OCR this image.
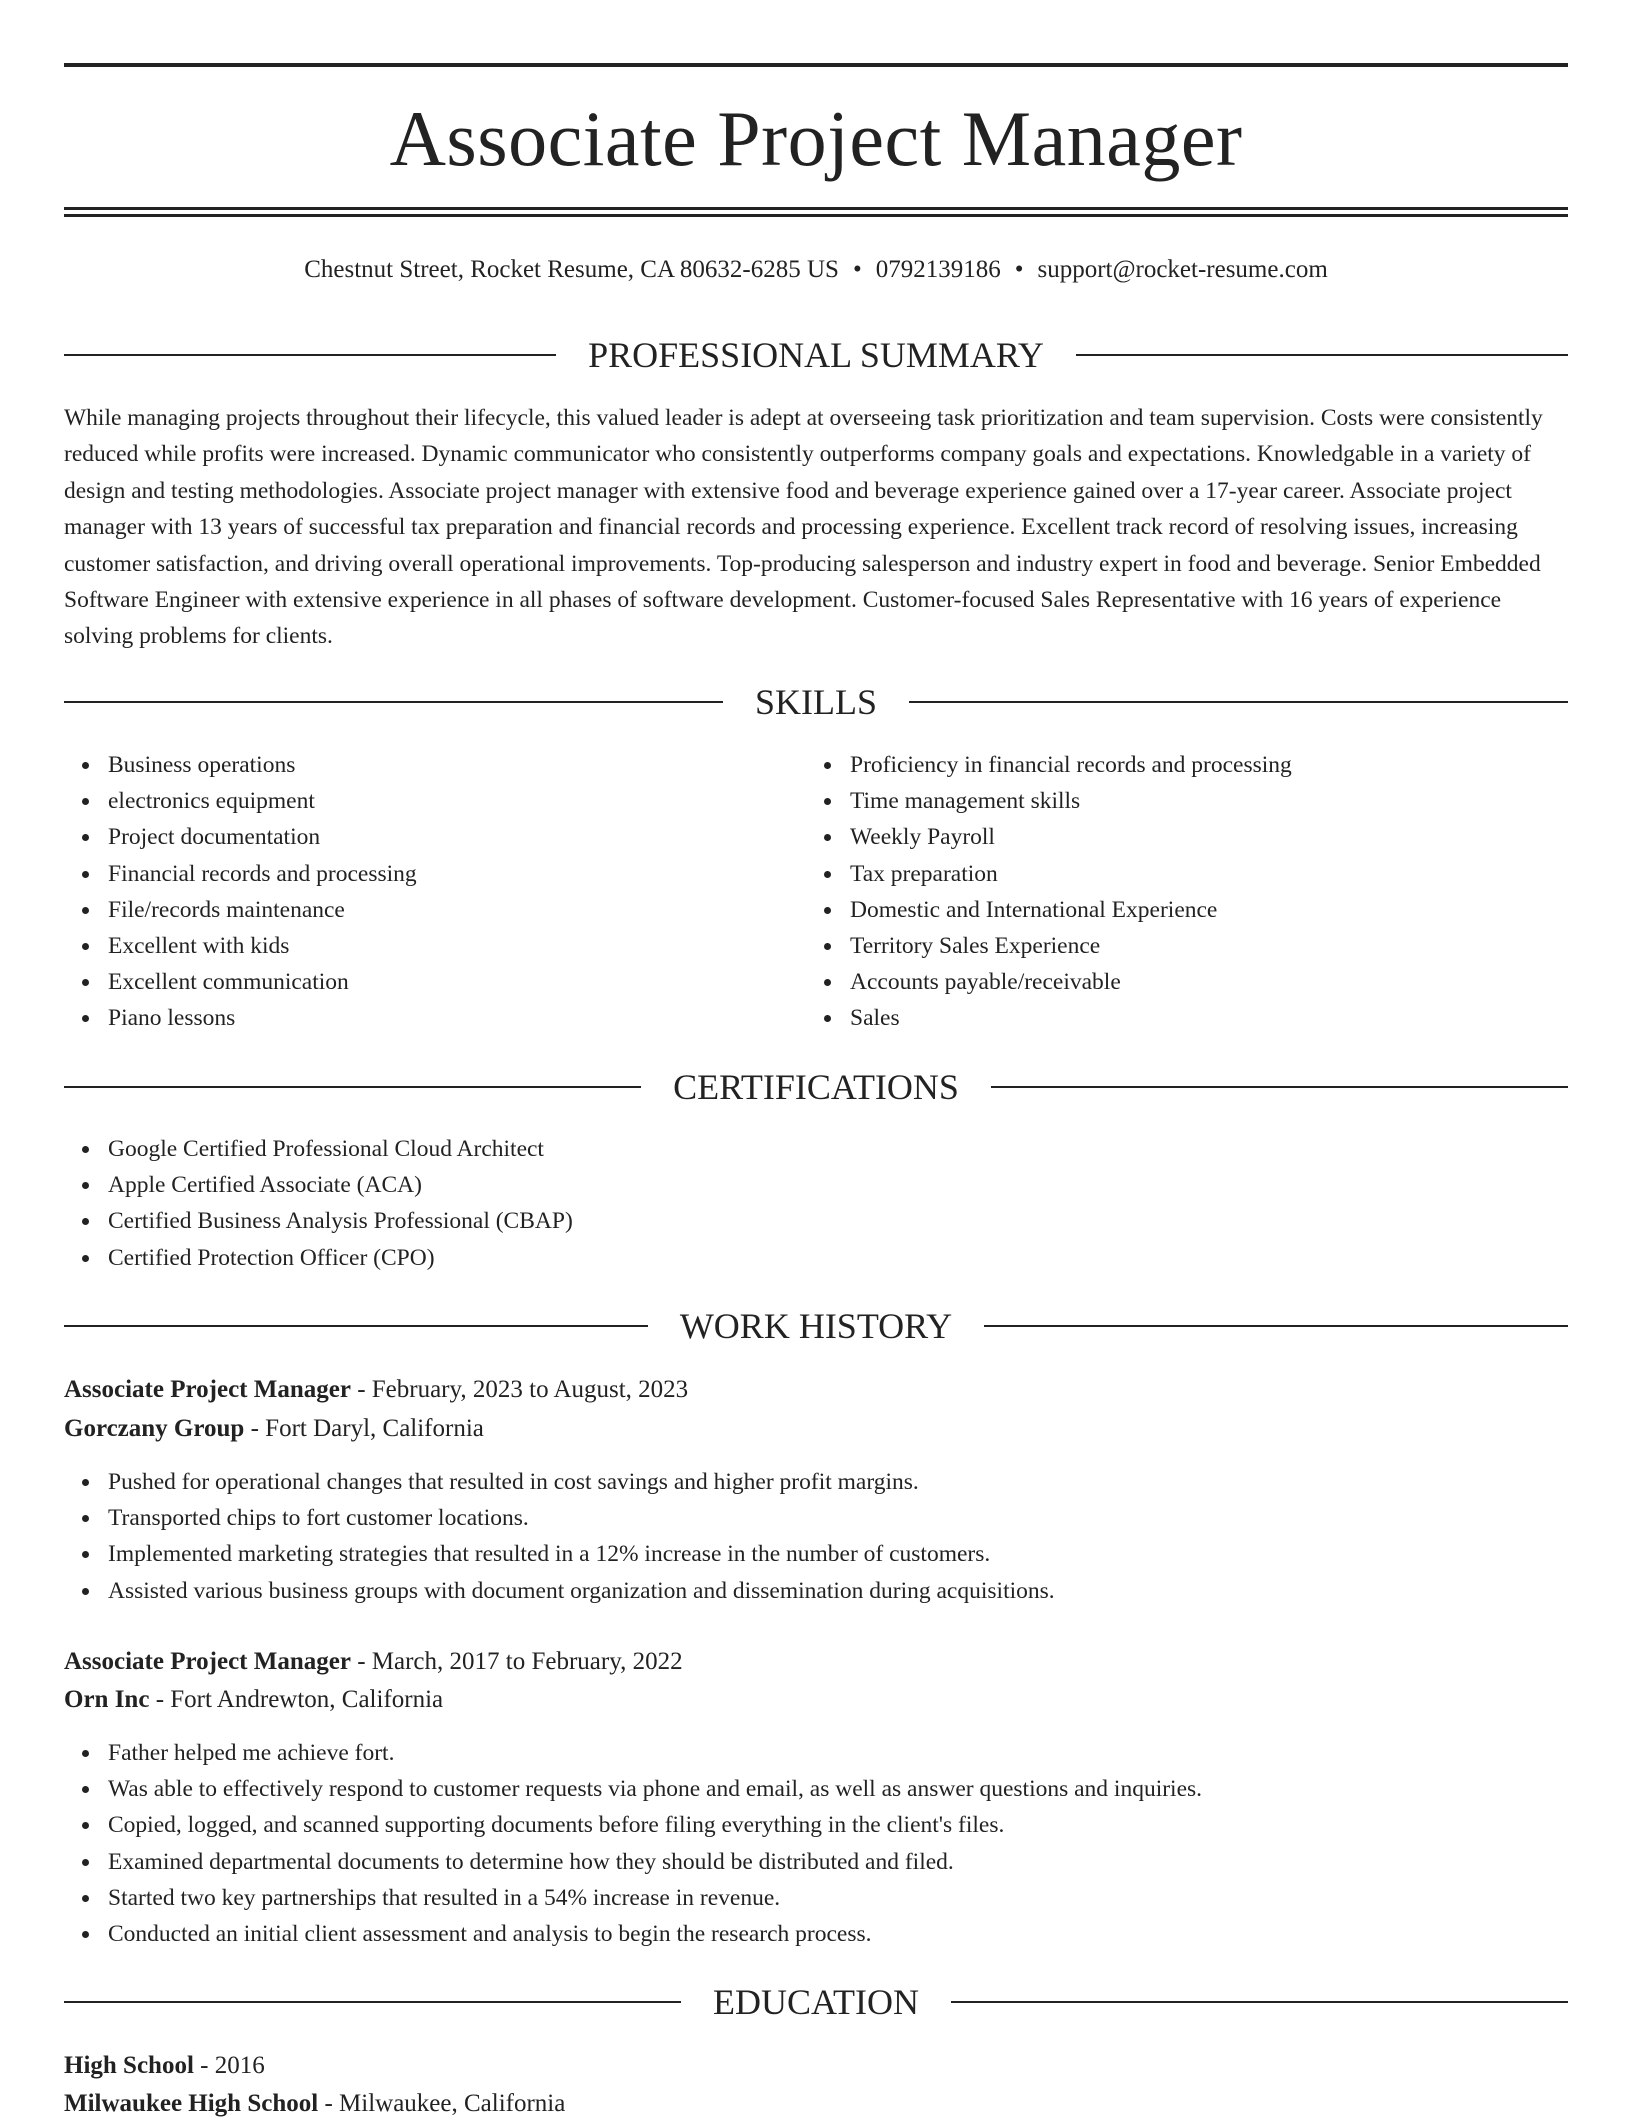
Associate Project Manager
Chestnut Street, Rocket Resume, CA 80632-6285 US • 0792139186 • support@rocket-resume.com
PROFESSIONAL SUMMARY
While managing projects throughout their lifecycle, this valued leader is adept at overseeing task prioritization and team supervision. Costs were consistently reduced while profits were increased. Dynamic communicator who consistently outperforms company goals and expectations. Knowledgable in a variety of design and testing methodologies. Associate project manager with extensive food and beverage experience gained over a 17-year career. Associate project manager with 13 years of successful tax preparation and financial records and processing experience. Excellent track record of resolving issues, increasing customer satisfaction, and driving overall operational improvements. Top-producing salesperson and industry expert in food and beverage. Senior Embedded Software Engineer with extensive experience in all phases of software development. Customer-focused Sales Representative with 16 years of experience solving problems for clients.
SKILLS
Business operations
electronics equipment
Project documentation
Financial records and processing
File/records maintenance
Excellent with kids
Excellent communication
Piano lessons
Proficiency in financial records and processing
Time management skills
Weekly Payroll
Tax preparation
Domestic and International Experience
Territory Sales Experience
Accounts payable/receivable
Sales
CERTIFICATIONS
Google Certified Professional Cloud Architect
Apple Certified Associate (ACA)
Certified Business Analysis Professional (CBAP)
Certified Protection Officer (CPO)
WORK HISTORY
Associate Project Manager - February, 2023 to August, 2023
Gorczany Group - Fort Daryl, California
Pushed for operational changes that resulted in cost savings and higher profit margins.
Transported chips to fort customer locations.
Implemented marketing strategies that resulted in a 12% increase in the number of customers.
Assisted various business groups with document organization and dissemination during acquisitions.
Associate Project Manager - March, 2017 to February, 2022
Orn Inc - Fort Andrewton, California
Father helped me achieve fort.
Was able to effectively respond to customer requests via phone and email, as well as answer questions and inquiries.
Copied, logged, and scanned supporting documents before filing everything in the client's files.
Examined departmental documents to determine how they should be distributed and filed.
Started two key partnerships that resulted in a 54% increase in revenue.
Conducted an initial client assessment and analysis to begin the research process.
EDUCATION
High School - 2016
Milwaukee High School - Milwaukee, California
